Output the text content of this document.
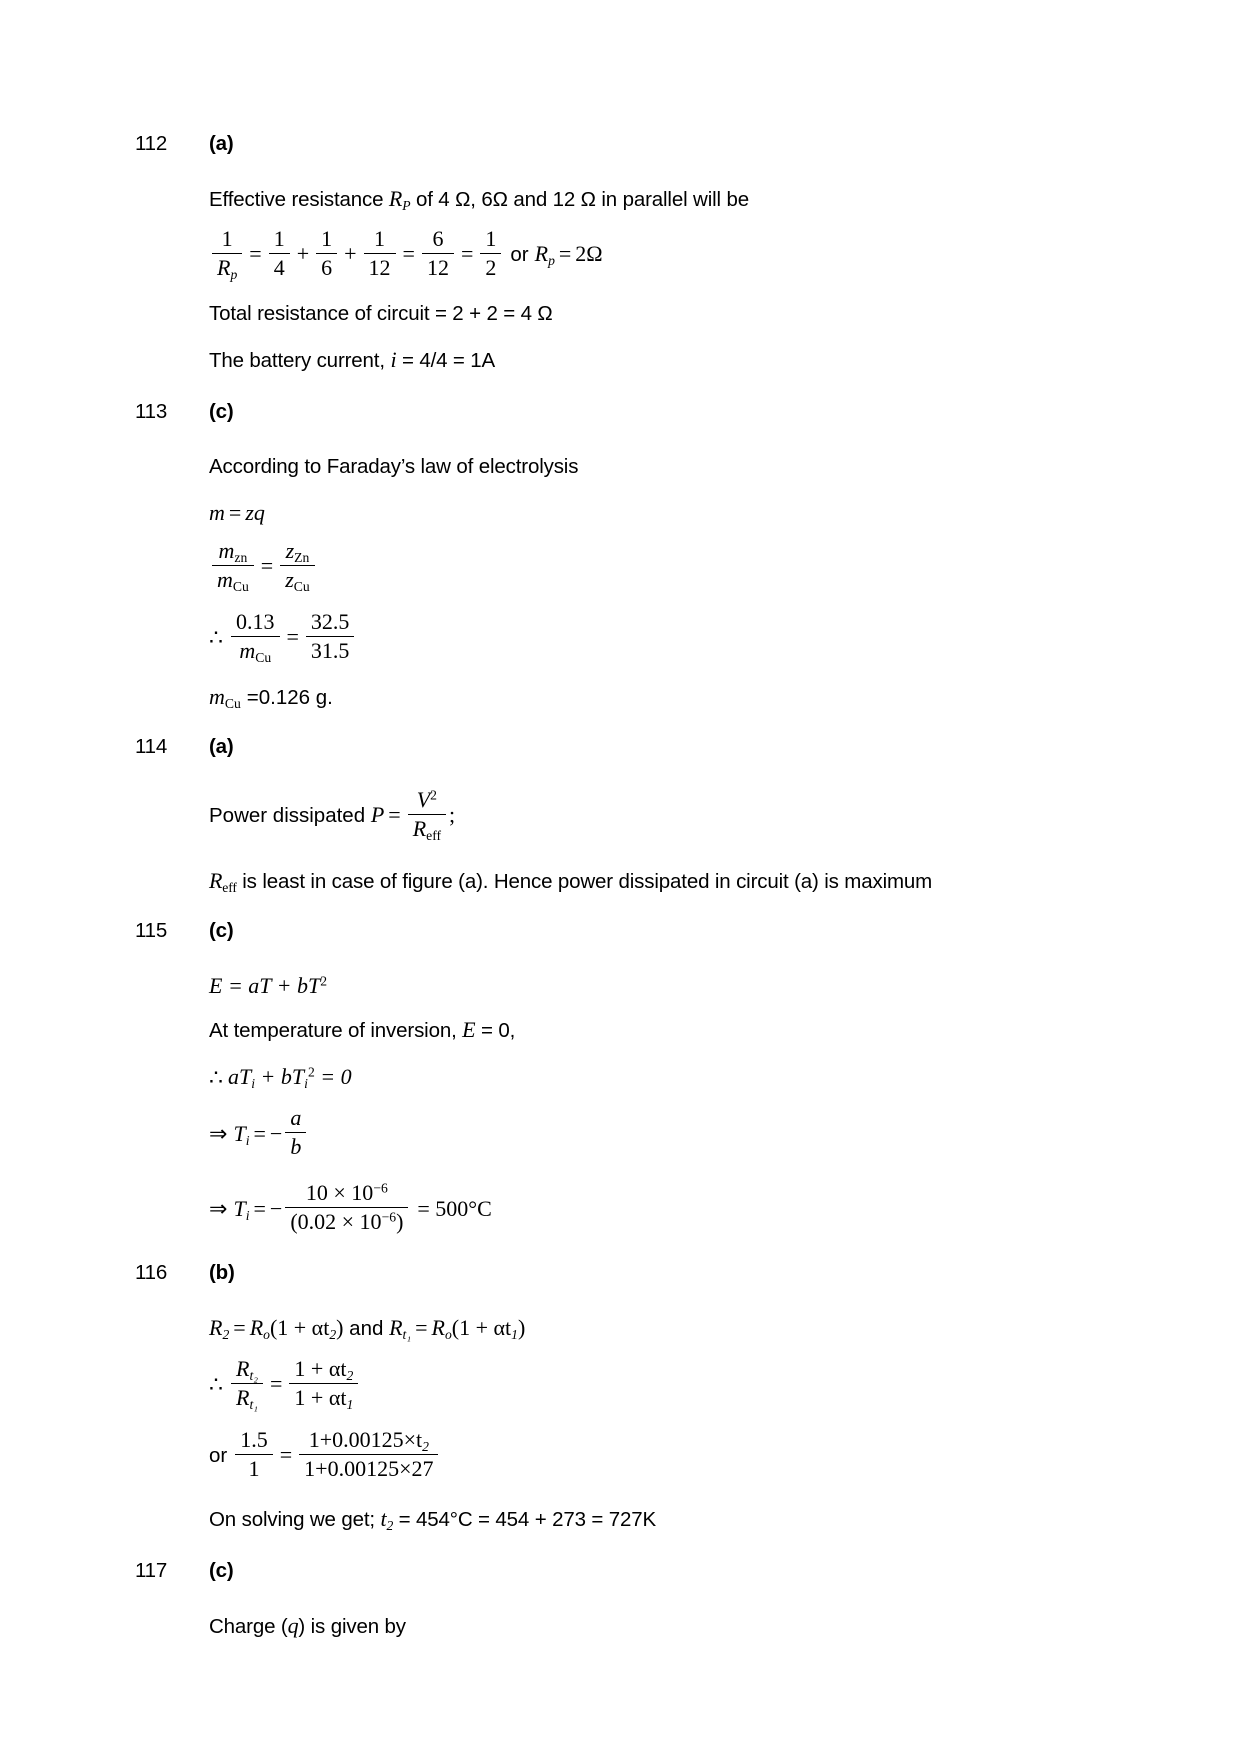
112 (a)
Effective resistance $R_P$ of 4 Ω, 6Ω and 12 Ω in parallel will be
$\frac{1}{R_p} = \frac{1}{4} + \frac{1}{6} + \frac{1}{12} = \frac{6}{12} = \frac{1}{2}$ or $R_p = 2\Omega$
Total resistance of circuit = 2 + 2 = 4 Ω
The battery current, i = 4/4 = 1A
113 (c)
According to Faraday’s law of electrolysis
m = zq
$\frac{m_{zn}}{m_{Cu}} = \frac{z_{Zn}}{z_{Cu}}$
∴ $\frac{0.13}{m_{Cu}} = \frac{32.5}{31.5}$
$m_{Cu} =0.126$ g.
114 (a)
Power dissipated $P = \frac{V^2}{R_{eff}}$ ;
$R_{eff}$ is least in case of figure (a). Hence power dissipated in circuit (a) is maximum
115 (c)
E = aT + $bT^2$
At temperature of inversion, E = 0,
∴ $aT_i + bT_i^2 = 0$
⇒ $T_i$ = − $\frac{a}{b}$
⇒ $T_i$ = − $\frac{10 \times 10^{-6}}{(0.02 \times 10^{-6})} = 500^\circ C$
116 (b)
$R_2 = R_o(1 + \alpha t_2)$ and $R_{t_1} = R_o(1 + \alpha t_1)$
∴ $\frac{R_{t_2}}{R_{t_1}} = \frac{1 + \alpha t_2}{1 + \alpha t_1}$
or $\frac{1.5}{1} = \frac{1+0.00125\times t_2}{1+0.00125\times 27}$
On solving we get; $t_2 = 454^\circ C = 454 + 273 = 727K$
117 (c)
Charge (q) is given by
